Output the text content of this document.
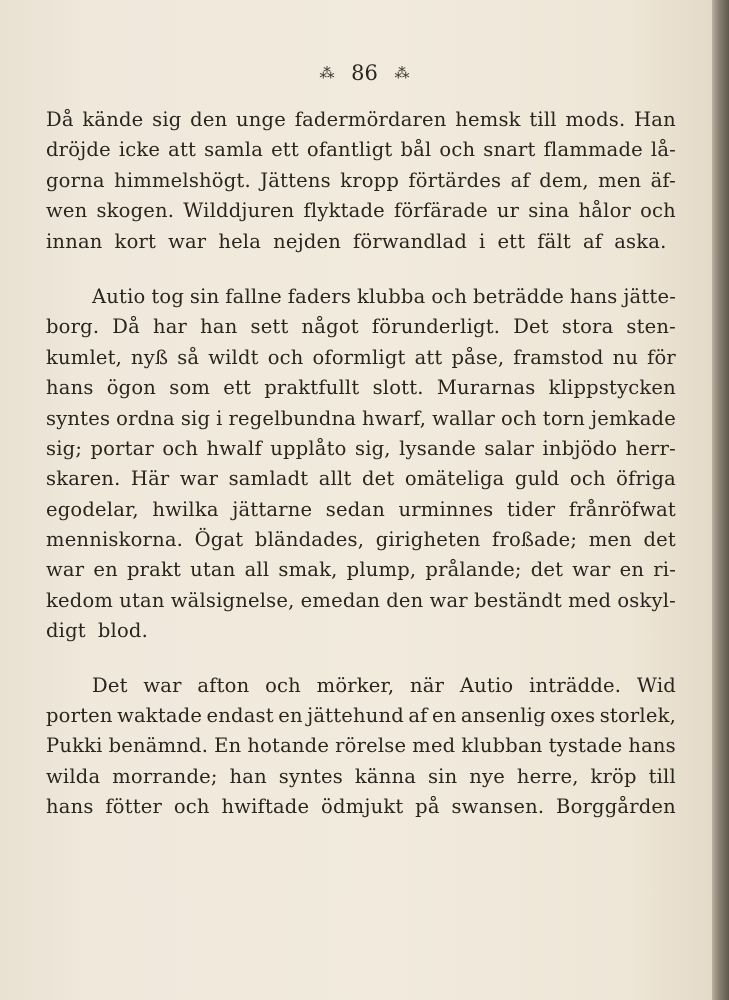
⁂ 86 ⁂
Då kände sig den unge fadermördaren hemsk till mods. Han
dröjde icke att samla ett ofantligt bål och snart flammade lå-
gorna himmelshögt. Jättens kropp förtärdes af dem, men äf-
wen skogen. Wilddjuren flyktade förfärade ur sina hålor och
innan kort war hela nejden förwandlad i ett fält af aska.
Autio tog sin fallne faders klubba och beträdde hans jätte-
borg. Då har han sett något förunderligt. Det stora sten-
kumlet, nyß så wildt och oformligt att påse, framstod nu för
hans ögon som ett praktfullt slott. Murarnas klippstycken
syntes ordna sig i regelbundna hwarf, wallar och torn jemkade
sig; portar och hwalf upplåto sig, lysande salar inbjödo herr-
skaren. Här war samladt allt det omäteliga guld och öfriga
egodelar, hwilka jättarne sedan urminnes tider frånröfwat
menniskorna. Ögat bländades, girigheten froßade; men det
war en prakt utan all smak, plump, prålande; det war en ri-
kedom utan wälsignelse, emedan den war beständt med oskyl-
digt blod.
Det war afton och mörker, när Autio inträdde. Wid
porten waktade endast en jättehund af en ansenlig oxes storlek,
Pukki benämnd. En hotande rörelse med klubban tystade hans
wilda morrande; han syntes känna sin nye herre, kröp till
hans fötter och hwiftade ödmjukt på swansen. Borggården
